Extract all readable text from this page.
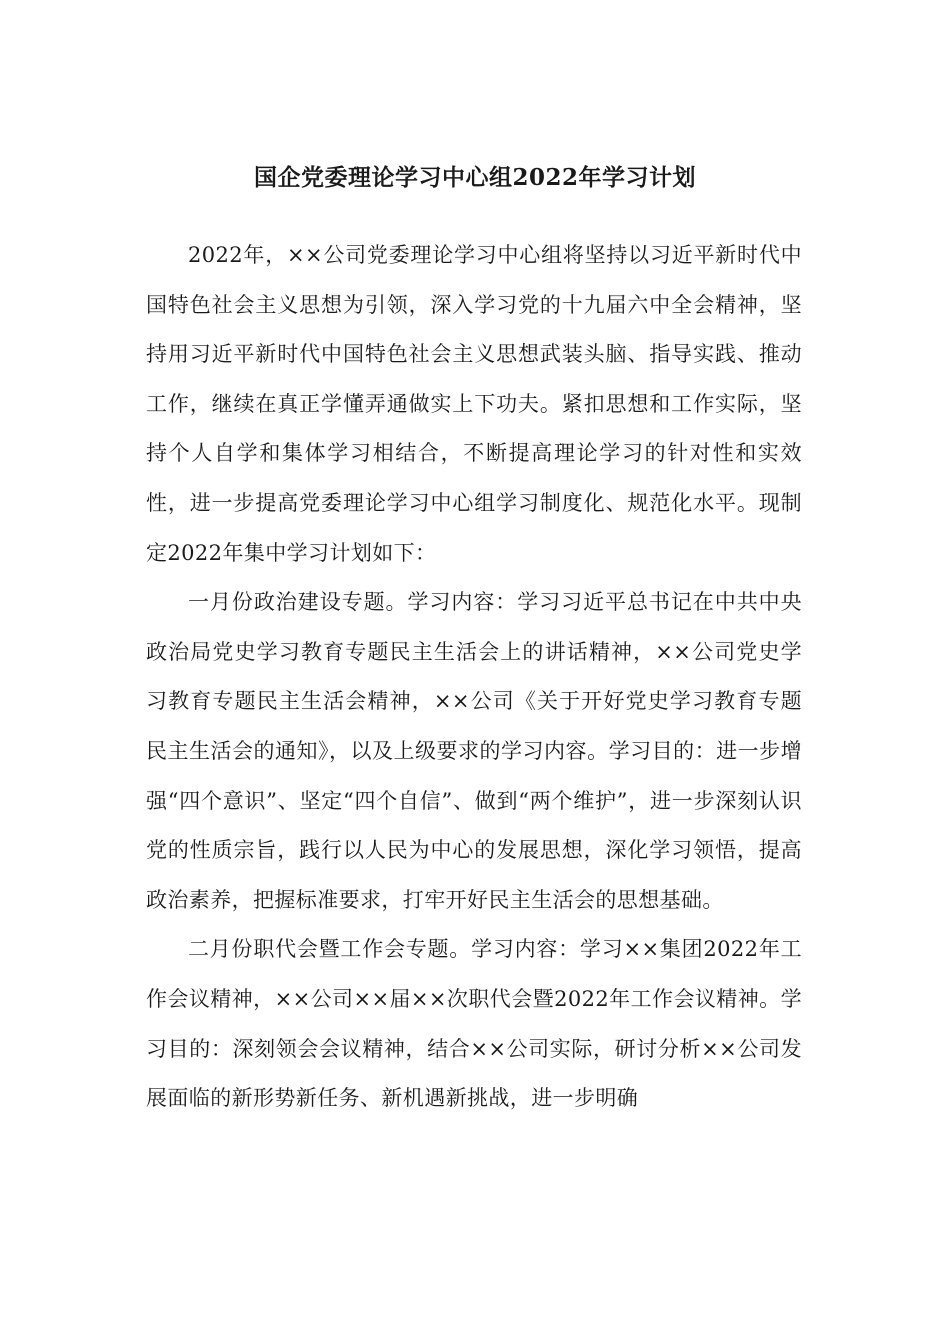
国企党委理论学习中心组2022年学习计划

2022年，××公司党委理论学习中心组将坚持以习近平新时代中国特色社会主义思想为引领，深入学习党的十九届六中全会精神，坚持用习近平新时代中国特色社会主义思想武装头脑、指导实践、推动工作，继续在真正学懂弄通做实上下功夫。紧扣思想和工作实际，坚持个人自学和集体学习相结合，不断提高理论学习的针对性和实效性，进一步提高党委理论学习中心组学习制度化、规范化水平。现制定2022年集中学习计划如下：

一月份政治建设专题。学习内容：学习习近平总书记在中共中央政治局党史学习教育专题民主生活会上的讲话精神，××公司党史学习教育专题民主生活会精神，××公司《关于开好党史学习教育专题民主生活会的通知》，以及上级要求的学习内容。学习目的：进一步增强“四个意识”、坚定“四个自信”、做到“两个维护”，进一步深刻认识党的性质宗旨，践行以人民为中心的发展思想，深化学习领悟，提高政治素养，把握标准要求，打牢开好民主生活会的思想基础。

二月份职代会暨工作会专题。学习内容：学习××集团2022年工作会议精神，××公司××届××次职代会暨2022年工作会议精神。学习目的：深刻领会会议精神，结合××公司实际，研讨分析××公司发展面临的新形势新任务、新机遇新挑战，进一步明确
